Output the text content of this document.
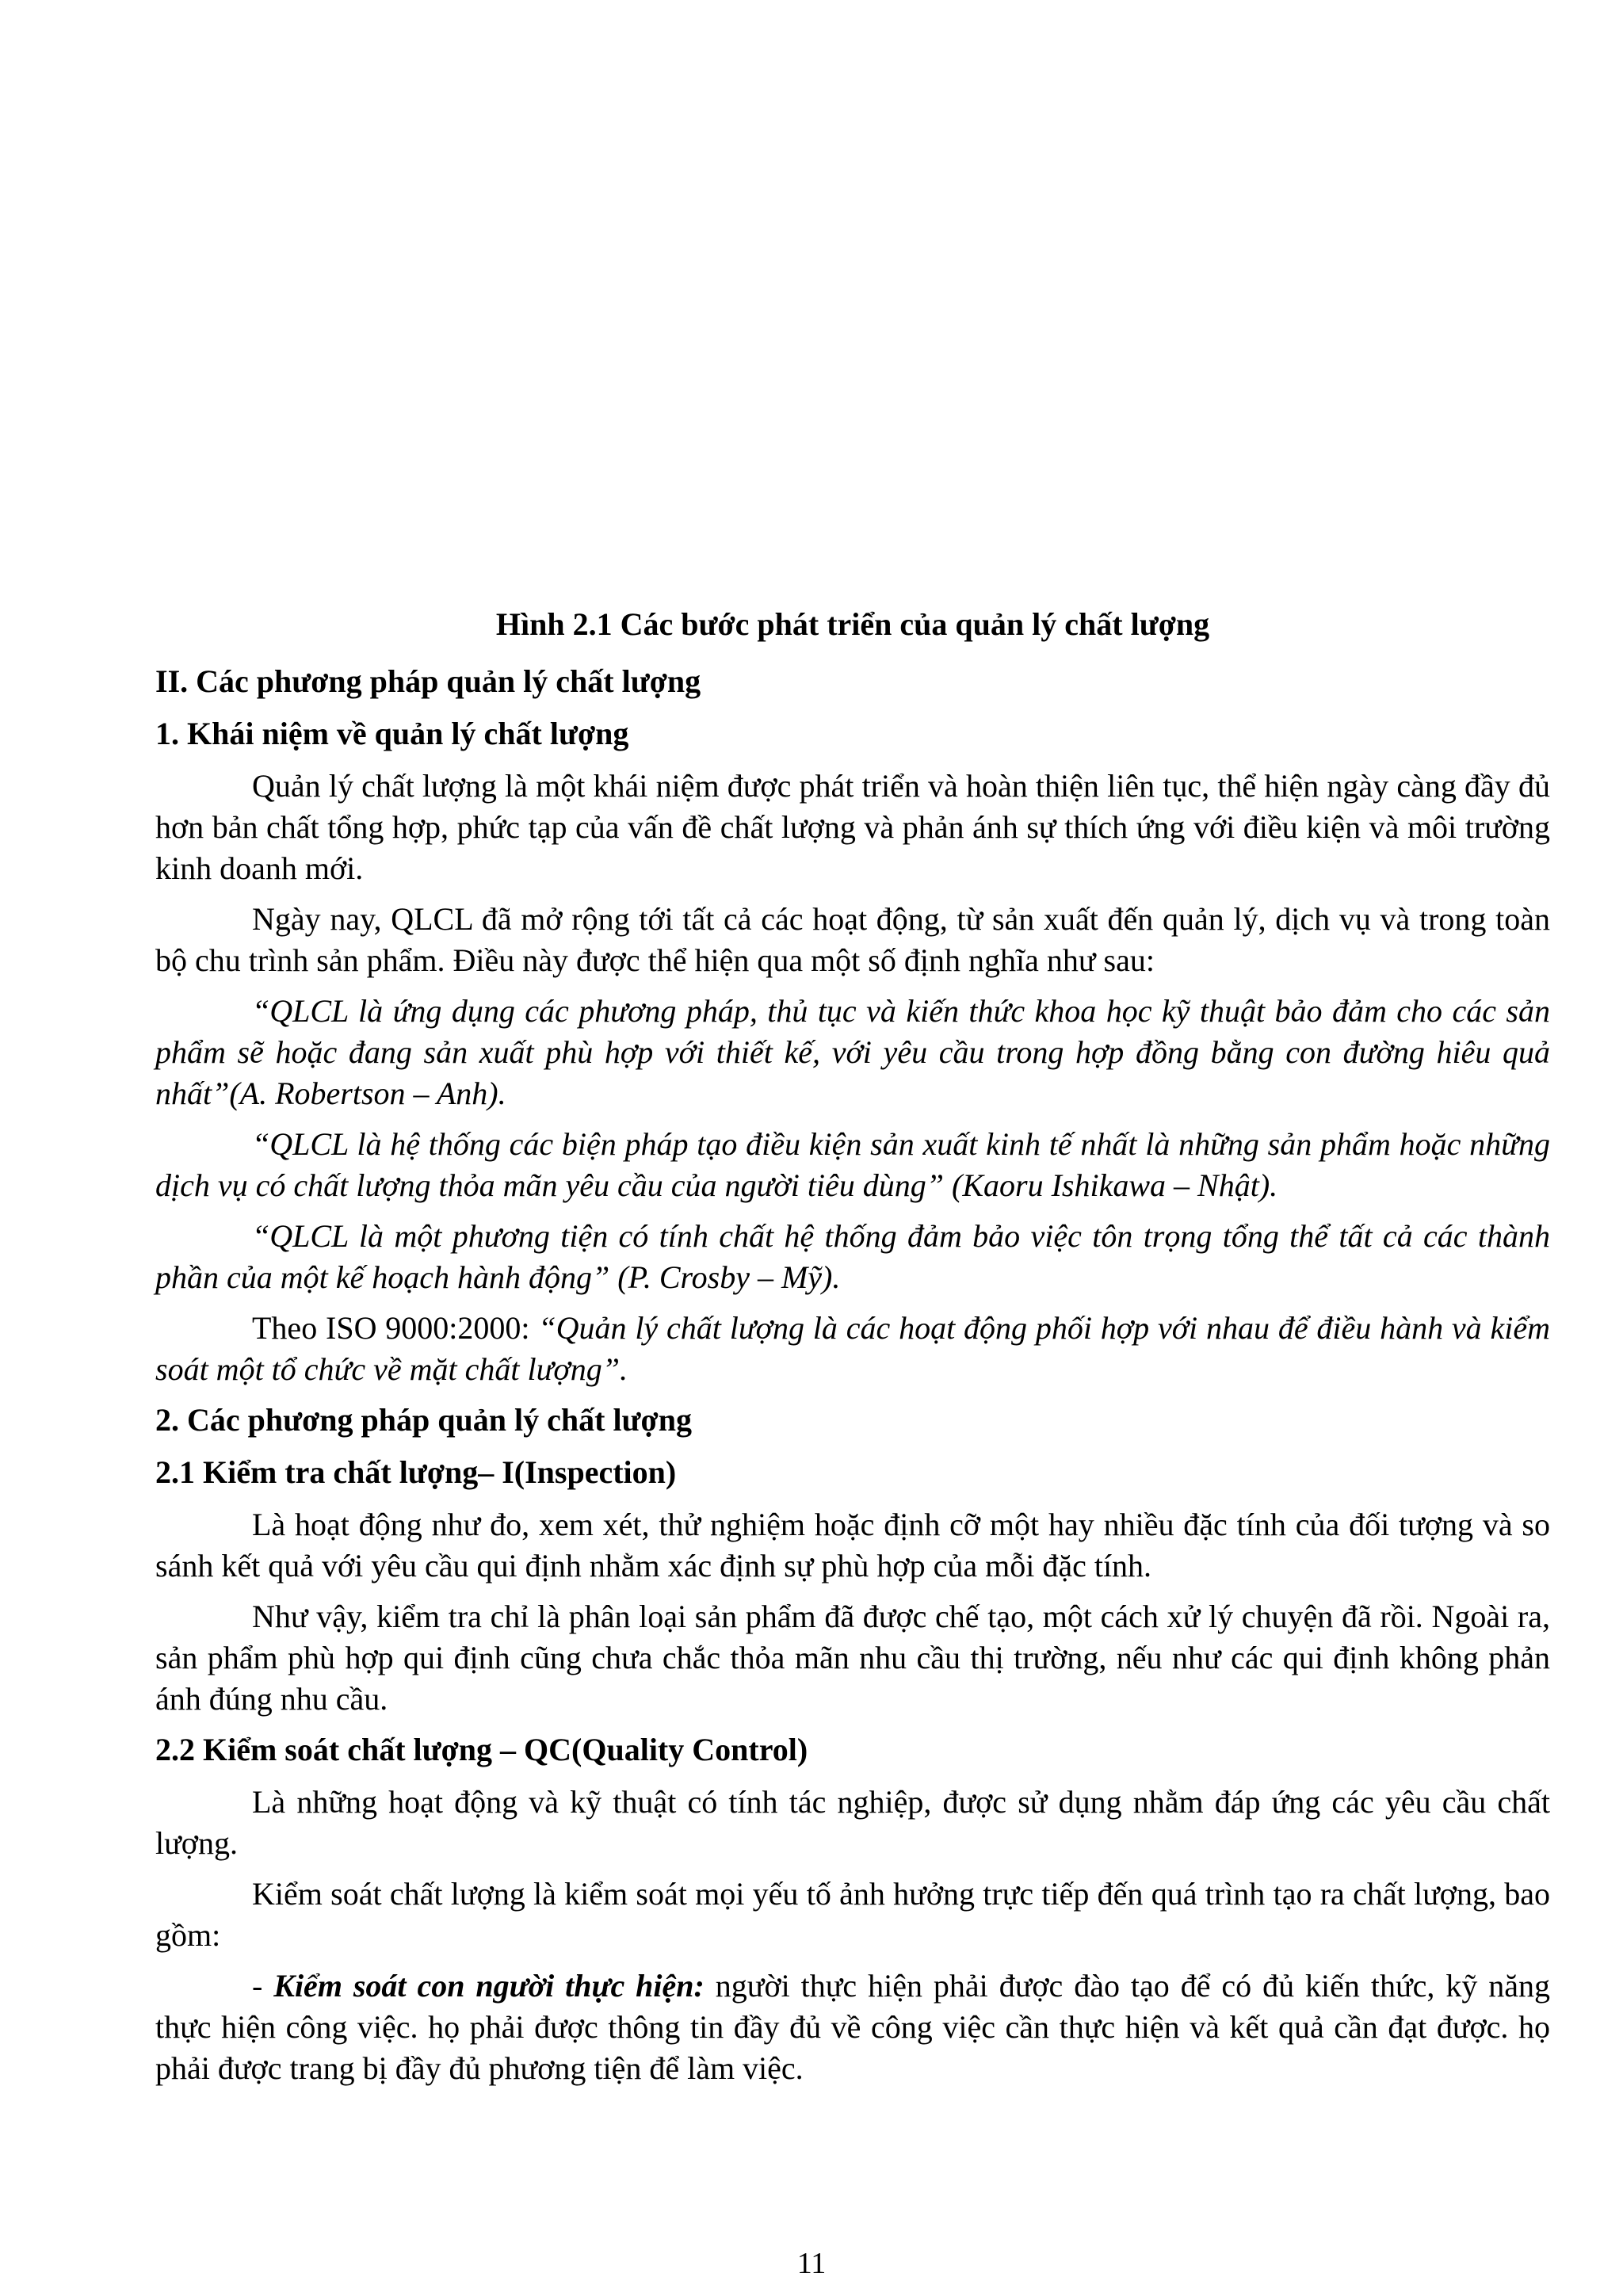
Hình 2.1 Các bước phát triển của quản lý chất lượng
II. Các phương pháp quản lý chất lượng
1. Khái niệm về quản lý chất lượng

Quản lý chất lượng là một khái niệm được phát triển và hoàn thiện liên tục, thể hiện ngày càng đầy đủ hơn bản chất tổng hợp, phức tạp của vấn đề chất lượng và phản ánh sự thích ứng với điều kiện và môi trường kinh doanh mới.

Ngày nay, QLCL đã mở rộng tới tất cả các hoạt động, từ sản xuất đến quản lý, dịch vụ và trong toàn bộ chu trình sản phẩm. Điều này được thể hiện qua một số định nghĩa như sau:

“QLCL là ứng dụng các phương pháp, thủ tục và kiến thức khoa học kỹ thuật bảo đảm cho các sản phẩm sẽ hoặc đang sản xuất phù hợp với thiết kế, với yêu cầu trong hợp đồng bằng con đường hiêu quả nhất”(A. Robertson – Anh).

“QLCL là hệ thống các biện pháp tạo điều kiện sản xuất kinh tế nhất là những sản phẩm hoặc những dịch vụ có chất lượng thỏa mãn yêu cầu của người tiêu dùng” (Kaoru Ishikawa – Nhật).

“QLCL là một phương tiện có tính chất hệ thống đảm bảo việc tôn trọng tổng thể tất cả các thành phần của một kế hoạch hành động” (P. Crosby – Mỹ).

Theo ISO 9000:2000: “Quản lý chất lượng là các hoạt động phối hợp với nhau để điều hành và kiểm soát một tổ chức về mặt chất lượng”.

2. Các phương pháp quản lý chất lượng
2.1 Kiểm tra chất lượng– I(Inspection)

Là hoạt động như đo, xem xét, thử nghiệm hoặc định cỡ một hay nhiều đặc tính của đối tượng và so sánh kết quả với yêu cầu qui định nhằm xác định sự phù hợp của mỗi đặc tính.

Như vậy, kiểm tra chỉ là phân loại sản phẩm đã được chế tạo, một cách xử lý chuyện đã rồi. Ngoài ra, sản phẩm phù hợp qui định cũng chưa chắc thỏa mãn nhu cầu thị trường, nếu như các qui định không phản ánh đúng nhu cầu.

2.2 Kiểm soát chất lượng – QC(Quality Control)

Là những hoạt động và kỹ thuật có tính tác nghiệp, được sử dụng nhằm đáp ứng các yêu cầu chất lượng.

Kiểm soát chất lượng là kiểm soát mọi yếu tố ảnh hưởng trực tiếp đến quá trình tạo ra chất lượng, bao gồm:

- Kiểm soát con người thực hiện: người thực hiện phải được đào tạo để có đủ kiến thức, kỹ năng thực hiện công việc. họ phải được thông tin đầy đủ về công việc cần thực hiện và kết quả cần đạt được. họ phải được trang bị đầy đủ phương tiện để làm việc.

11
